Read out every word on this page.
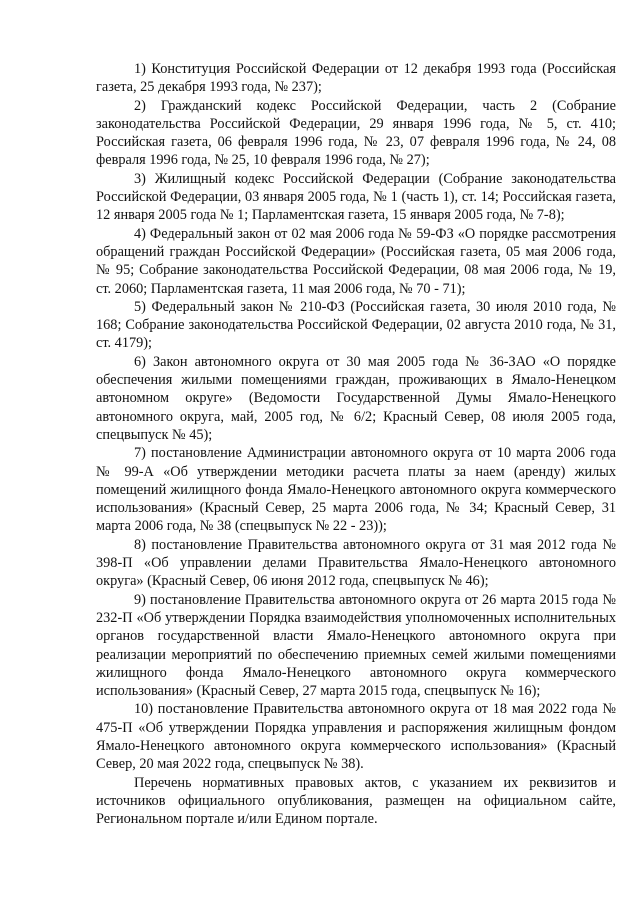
1) Конституция Российской Федерации от 12 декабря 1993 года (Российская газета, 25 декабря 1993 года, № 237);

2) Гражданский кодекс Российской Федерации, часть 2 (Собрание законодательства Российской Федерации, 29 января 1996 года, № 5, ст. 410; Российская газета, 06 февраля 1996 года, № 23, 07 февраля 1996 года, № 24, 08 февраля 1996 года, № 25, 10 февраля 1996 года, № 27);

3) Жилищный кодекс Российской Федерации (Собрание законодательства Российской Федерации, 03 января 2005 года, № 1 (часть 1), ст. 14; Российская газета, 12 января 2005 года № 1; Парламентская газета, 15 января 2005 года, № 7-8);

4) Федеральный закон от 02 мая 2006 года № 59-ФЗ «О порядке рассмотрения обращений граждан Российской Федерации» (Российская газета, 05 мая 2006 года, № 95; Собрание законодательства Российской Федерации, 08 мая 2006 года, № 19, ст. 2060; Парламентская газета, 11 мая 2006 года, № 70 - 71);

5) Федеральный закон № 210-ФЗ (Российская газета, 30 июля 2010 года, № 168; Собрание законодательства Российской Федерации, 02 августа 2010 года, № 31, ст. 4179);

6) Закон автономного округа от 30 мая 2005 года № 36-ЗАО «О порядке обеспечения жилыми помещениями граждан, проживающих в Ямало-Ненецком автономном округе» (Ведомости Государственной Думы Ямало-Ненецкого автономного округа, май, 2005 год, № 6/2; Красный Север, 08 июля 2005 года, спецвыпуск № 45);

7) постановление Администрации автономного округа от 10 марта 2006 года № 99-А «Об утверждении методики расчета платы за наем (аренду) жилых помещений жилищного фонда Ямало-Ненецкого автономного округа коммерческого использования» (Красный Север, 25 марта 2006 года, № 34; Красный Север, 31 марта 2006 года, № 38 (спецвыпуск № 22 - 23));

8) постановление Правительства автономного округа от 31 мая 2012 года № 398-П «Об управлении делами Правительства Ямало-Ненецкого автономного округа» (Красный Север, 06 июня 2012 года, спецвыпуск № 46);

9) постановление Правительства автономного округа от 26 марта 2015 года № 232-П «Об утверждении Порядка взаимодействия уполномоченных исполнительных органов государственной власти Ямало-Ненецкого автономного округа при реализации мероприятий по обеспечению приемных семей жилыми помещениями жилищного фонда Ямало-Ненецкого автономного округа коммерческого использования» (Красный Север, 27 марта 2015 года, спецвыпуск № 16);

10) постановление Правительства автономного округа от 18 мая 2022 года № 475-П «Об утверждении Порядка управления и распоряжения жилищным фондом Ямало-Ненецкого автономного округа коммерческого использования» (Красный Север, 20 мая 2022 года, спецвыпуск № 38).

Перечень нормативных правовых актов, с указанием их реквизитов и источников официального опубликования, размещен на официальном сайте, Региональном портале и/или Едином портале.
